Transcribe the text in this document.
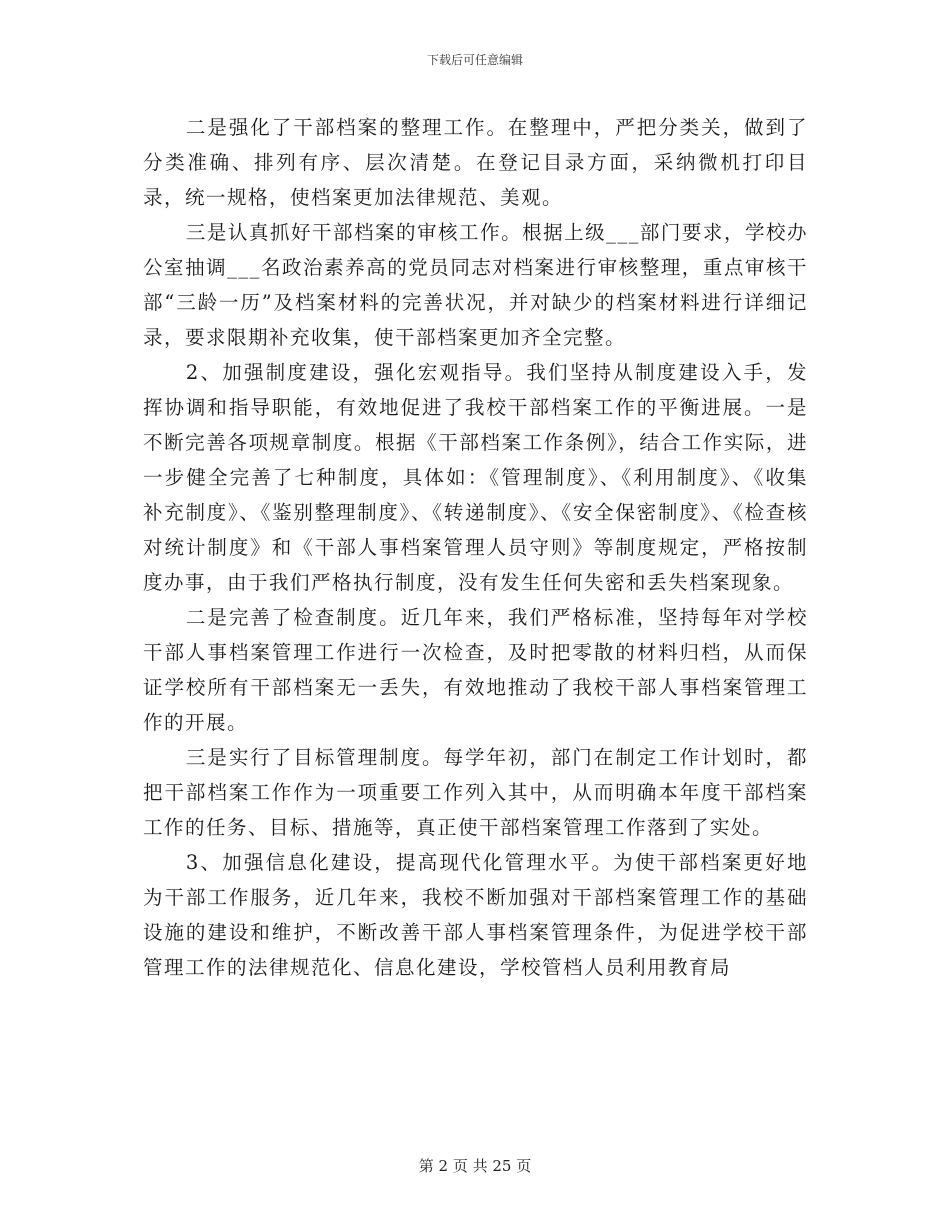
下载后可任意编辑

二是强化了干部档案的整理工作。在整理中，严把分类关，做到了分类准确、排列有序、层次清楚。在登记目录方面，采纳微机打印目录，统一规格，使档案更加法律规范、美观。

三是认真抓好干部档案的审核工作。根据上级___部门要求，学校办公室抽调___名政治素养高的党员同志对档案进行审核整理，重点审核干部“三龄一历”及档案材料的完善状况，并对缺少的档案材料进行详细记录，要求限期补充收集，使干部档案更加齐全完整。

2、加强制度建设，强化宏观指导。我们坚持从制度建设入手，发挥协调和指导职能，有效地促进了我校干部档案工作的平衡进展。一是不断完善各项规章制度。根据《干部档案工作条例》，结合工作实际，进一步健全完善了七种制度，具体如：《管理制度》、《利用制度》、《收集补充制度》、《鉴别整理制度》、《转递制度》、《安全保密制度》、《检查核对统计制度》和《干部人事档案管理人员守则》等制度规定，严格按制度办事，由于我们严格执行制度，没有发生任何失密和丢失档案现象。

二是完善了检查制度。近几年来，我们严格标准，坚持每年对学校干部人事档案管理工作进行一次检查，及时把零散的材料归档，从而保证学校所有干部档案无一丢失，有效地推动了我校干部人事档案管理工作的开展。

三是实行了目标管理制度。每学年初，部门在制定工作计划时，都把干部档案工作作为一项重要工作列入其中，从而明确本年度干部档案工作的任务、目标、措施等，真正使干部档案管理工作落到了实处。

3、加强信息化建设，提高现代化管理水平。为使干部档案更好地为干部工作服务，近几年来，我校不断加强对干部档案管理工作的基础设施的建设和维护，不断改善干部人事档案管理条件，为促进学校干部管理工作的法律规范化、信息化建设，学校管档人员利用教育局

第 2 页 共 25 页
